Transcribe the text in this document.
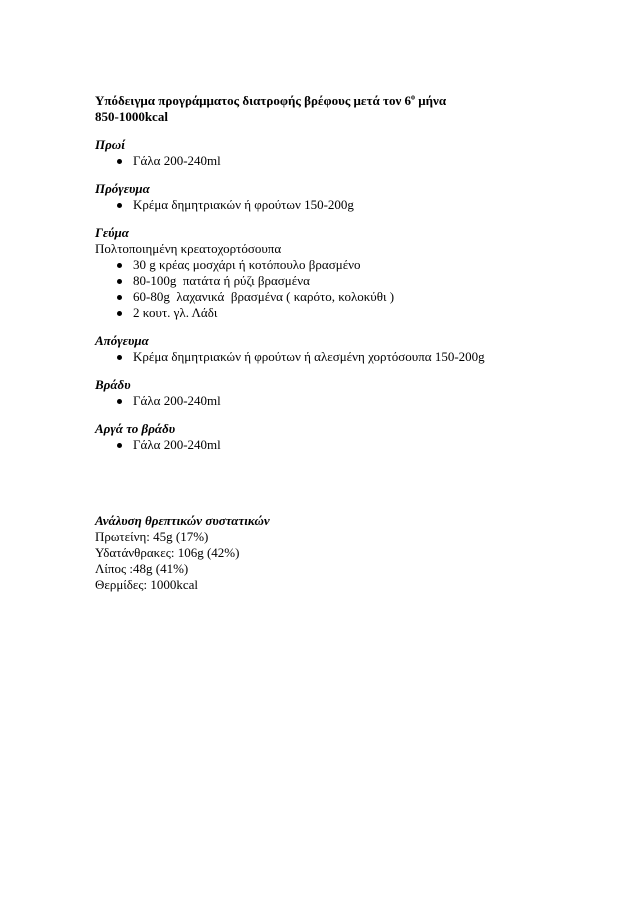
Υπόδειγμα προγράμματος διατροφής βρέφους μετά τον $6^o$ μήνα
850-1000kcal
Πρωί
Γάλα 200-240ml
Πρόγευμα
Κρέμα δημητριακών ή φρούτων 150-200g
Γεύμα
Πολτοποιημένη κρεατοχορτόσουπα
30 g κρέας μοσχάρι ή κοτόπουλο βρασμένο
80-100g  πατάτα ή ρύζι βρασμένα
60-80g  λαχανικά  βρασμένα ( καρότο, κολοκύθι )
2 κουτ. γλ. Λάδι
Απόγευμα
Κρέμα δημητριακών ή φρούτων ή αλεσμένη χορτόσουπα 150-200g
Βράδυ
Γάλα 200-240ml
Αργά το βράδυ
Γάλα 200-240ml
Ανάλυση θρεπτικών συστατικών
Πρωτείνη: 45g (17%)
Υδατάνθρακες: 106g (42%)
Λίπος :48g (41%)
Θερμίδες: 1000kcal
